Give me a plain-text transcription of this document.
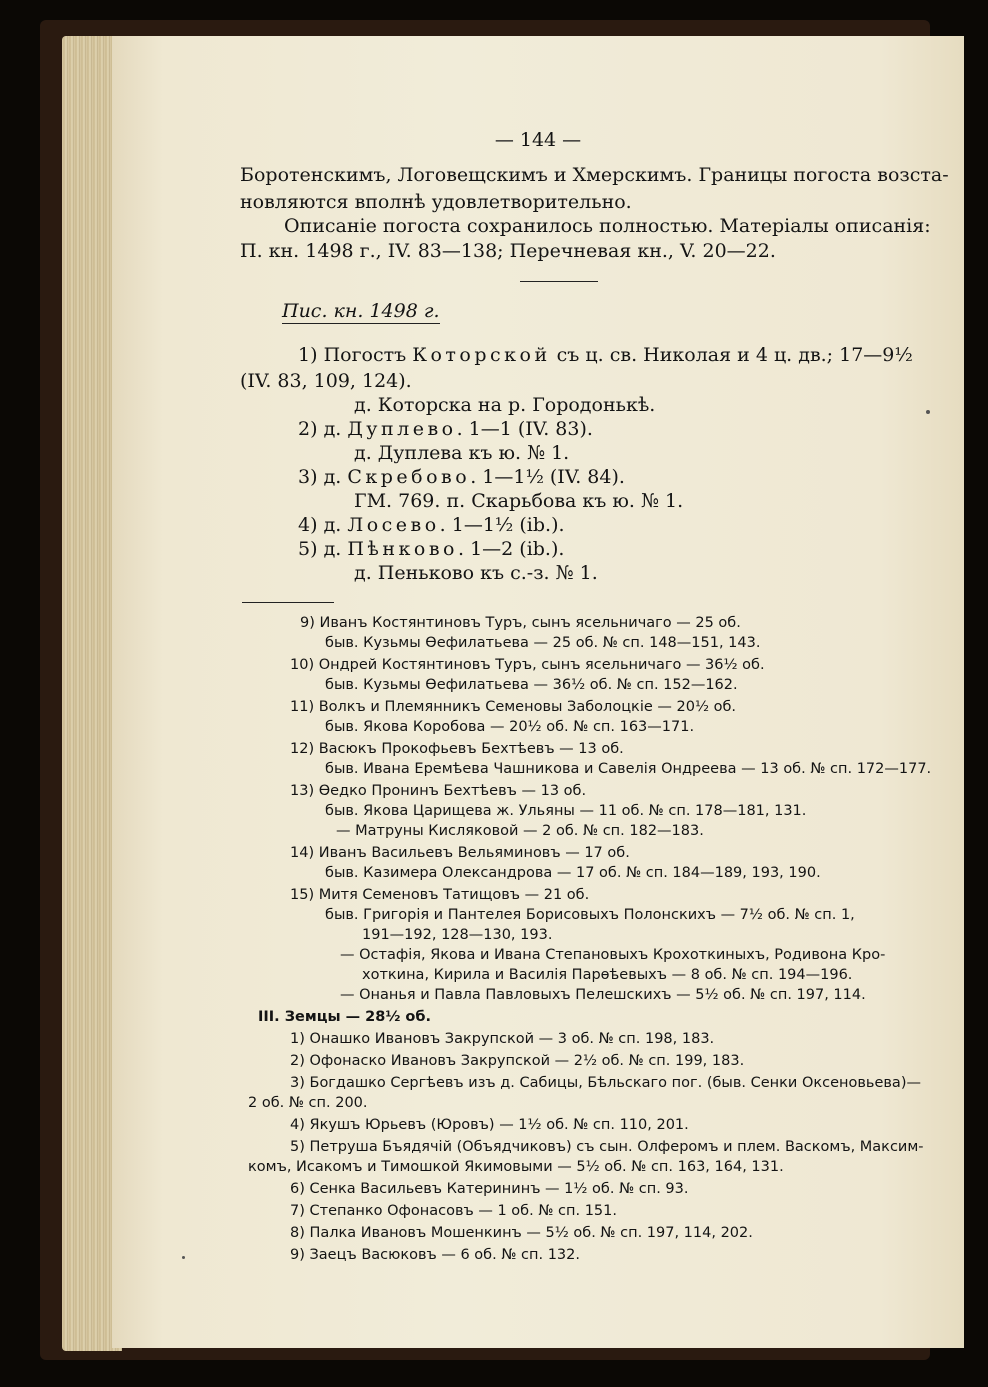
— 144 —
Боротенскимъ, Логовещскимъ и Хмерскимъ. Границы погоста возста-
новляются вполнѣ удовлетворительно.
Описаніе погоста сохранилось полностью. Матеріалы описанія:
П. кн. 1498 г., IV. 83—138; Перечневая кн., V. 20—22.
Пис. кн. 1498 г.
1) Погостъ Которской съ ц. св. Николая и 4 ц. дв.; 17—9½
(IV. 83, 109, 124).
д. Которска на р. Городонькѣ.
2) д. Дуплево. 1—1 (IV. 83).
д. Дуплева къ ю. № 1.
3) д. Скребово. 1—1½ (IV. 84).
ГМ. 769. п. Скарьбова къ ю. № 1.
4) д. Лосево. 1—1½ (ib.).
5) д. Пѣнково. 1—2 (ib.).
д. Пеньково къ с.-з. № 1.
9) Иванъ Костянтиновъ Туръ, сынъ ясельничаго — 25 об.
быв. Кузьмы Ѳефилатьева — 25 об. № сп. 148—151, 143.
10) Ондрей Костянтиновъ Туръ, сынъ ясельничаго — 36½ об.
быв. Кузьмы Ѳефилатьева — 36½ об. № сп. 152—162.
11) Волкъ и Племянникъ Семеновы Заболоцкіе — 20½ об.
быв. Якова Коробова — 20½ об. № сп. 163—171.
12) Васюкъ Прокофьевъ Бехтѣевъ — 13 об.
быв. Ивана Еремѣева Чашникова и Савелія Ондреева — 13 об. № сп. 172—177.
13) Ѳедко Пронинъ Бехтѣевъ — 13 об.
быв. Якова Царищева ж. Ульяны — 11 об. № сп. 178—181, 131.
— Матруны Кисляковой — 2 об. № сп. 182—183.
14) Иванъ Васильевъ Вельяминовъ — 17 об.
быв. Казимера Олександрова — 17 об. № сп. 184—189, 193, 190.
15) Митя Семеновъ Татищовъ — 21 об.
быв. Григорія и Пантелея Борисовыхъ Полонскихъ — 7½ об. № сп. 1,
191—192, 128—130, 193.
— Остафія, Якова и Ивана Степановыхъ Крохоткиныхъ, Родивона Кро-
хоткина, Кирила и Василія Парѳѣевыхъ — 8 об. № сп. 194—196.
— Онанья и Павла Павловыхъ Пелешскихъ — 5½ об. № сп. 197, 114.
III. Земцы — 28½ об.
1) Онашко Ивановъ Закрупской — 3 об. № сп. 198, 183.
2) Офонаско Ивановъ Закрупской — 2½ об. № сп. 199, 183.
3) Богдашко Сергѣевъ изъ д. Сабицы, Бѣльскаго пог. (быв. Сенки Оксеновьева)—
2 об. № сп. 200.
4) Якушъ Юрьевъ (Юровъ) — 1½ об. № сп. 110, 201.
5) Петруша Бъядячій (Объядчиковъ) съ сын. Олферомъ и плем. Васкомъ, Максим-
комъ, Исакомъ и Тимошкой Якимовыми — 5½ об. № сп. 163, 164, 131.
6) Сенка Васильевъ Катерининъ — 1½ об. № сп. 93.
7) Степанко Офонасовъ — 1 об. № сп. 151.
8) Палка Ивановъ Мошенкинъ — 5½ об. № сп. 197, 114, 202.
9) Заецъ Васюковъ — 6 об. № сп. 132.
